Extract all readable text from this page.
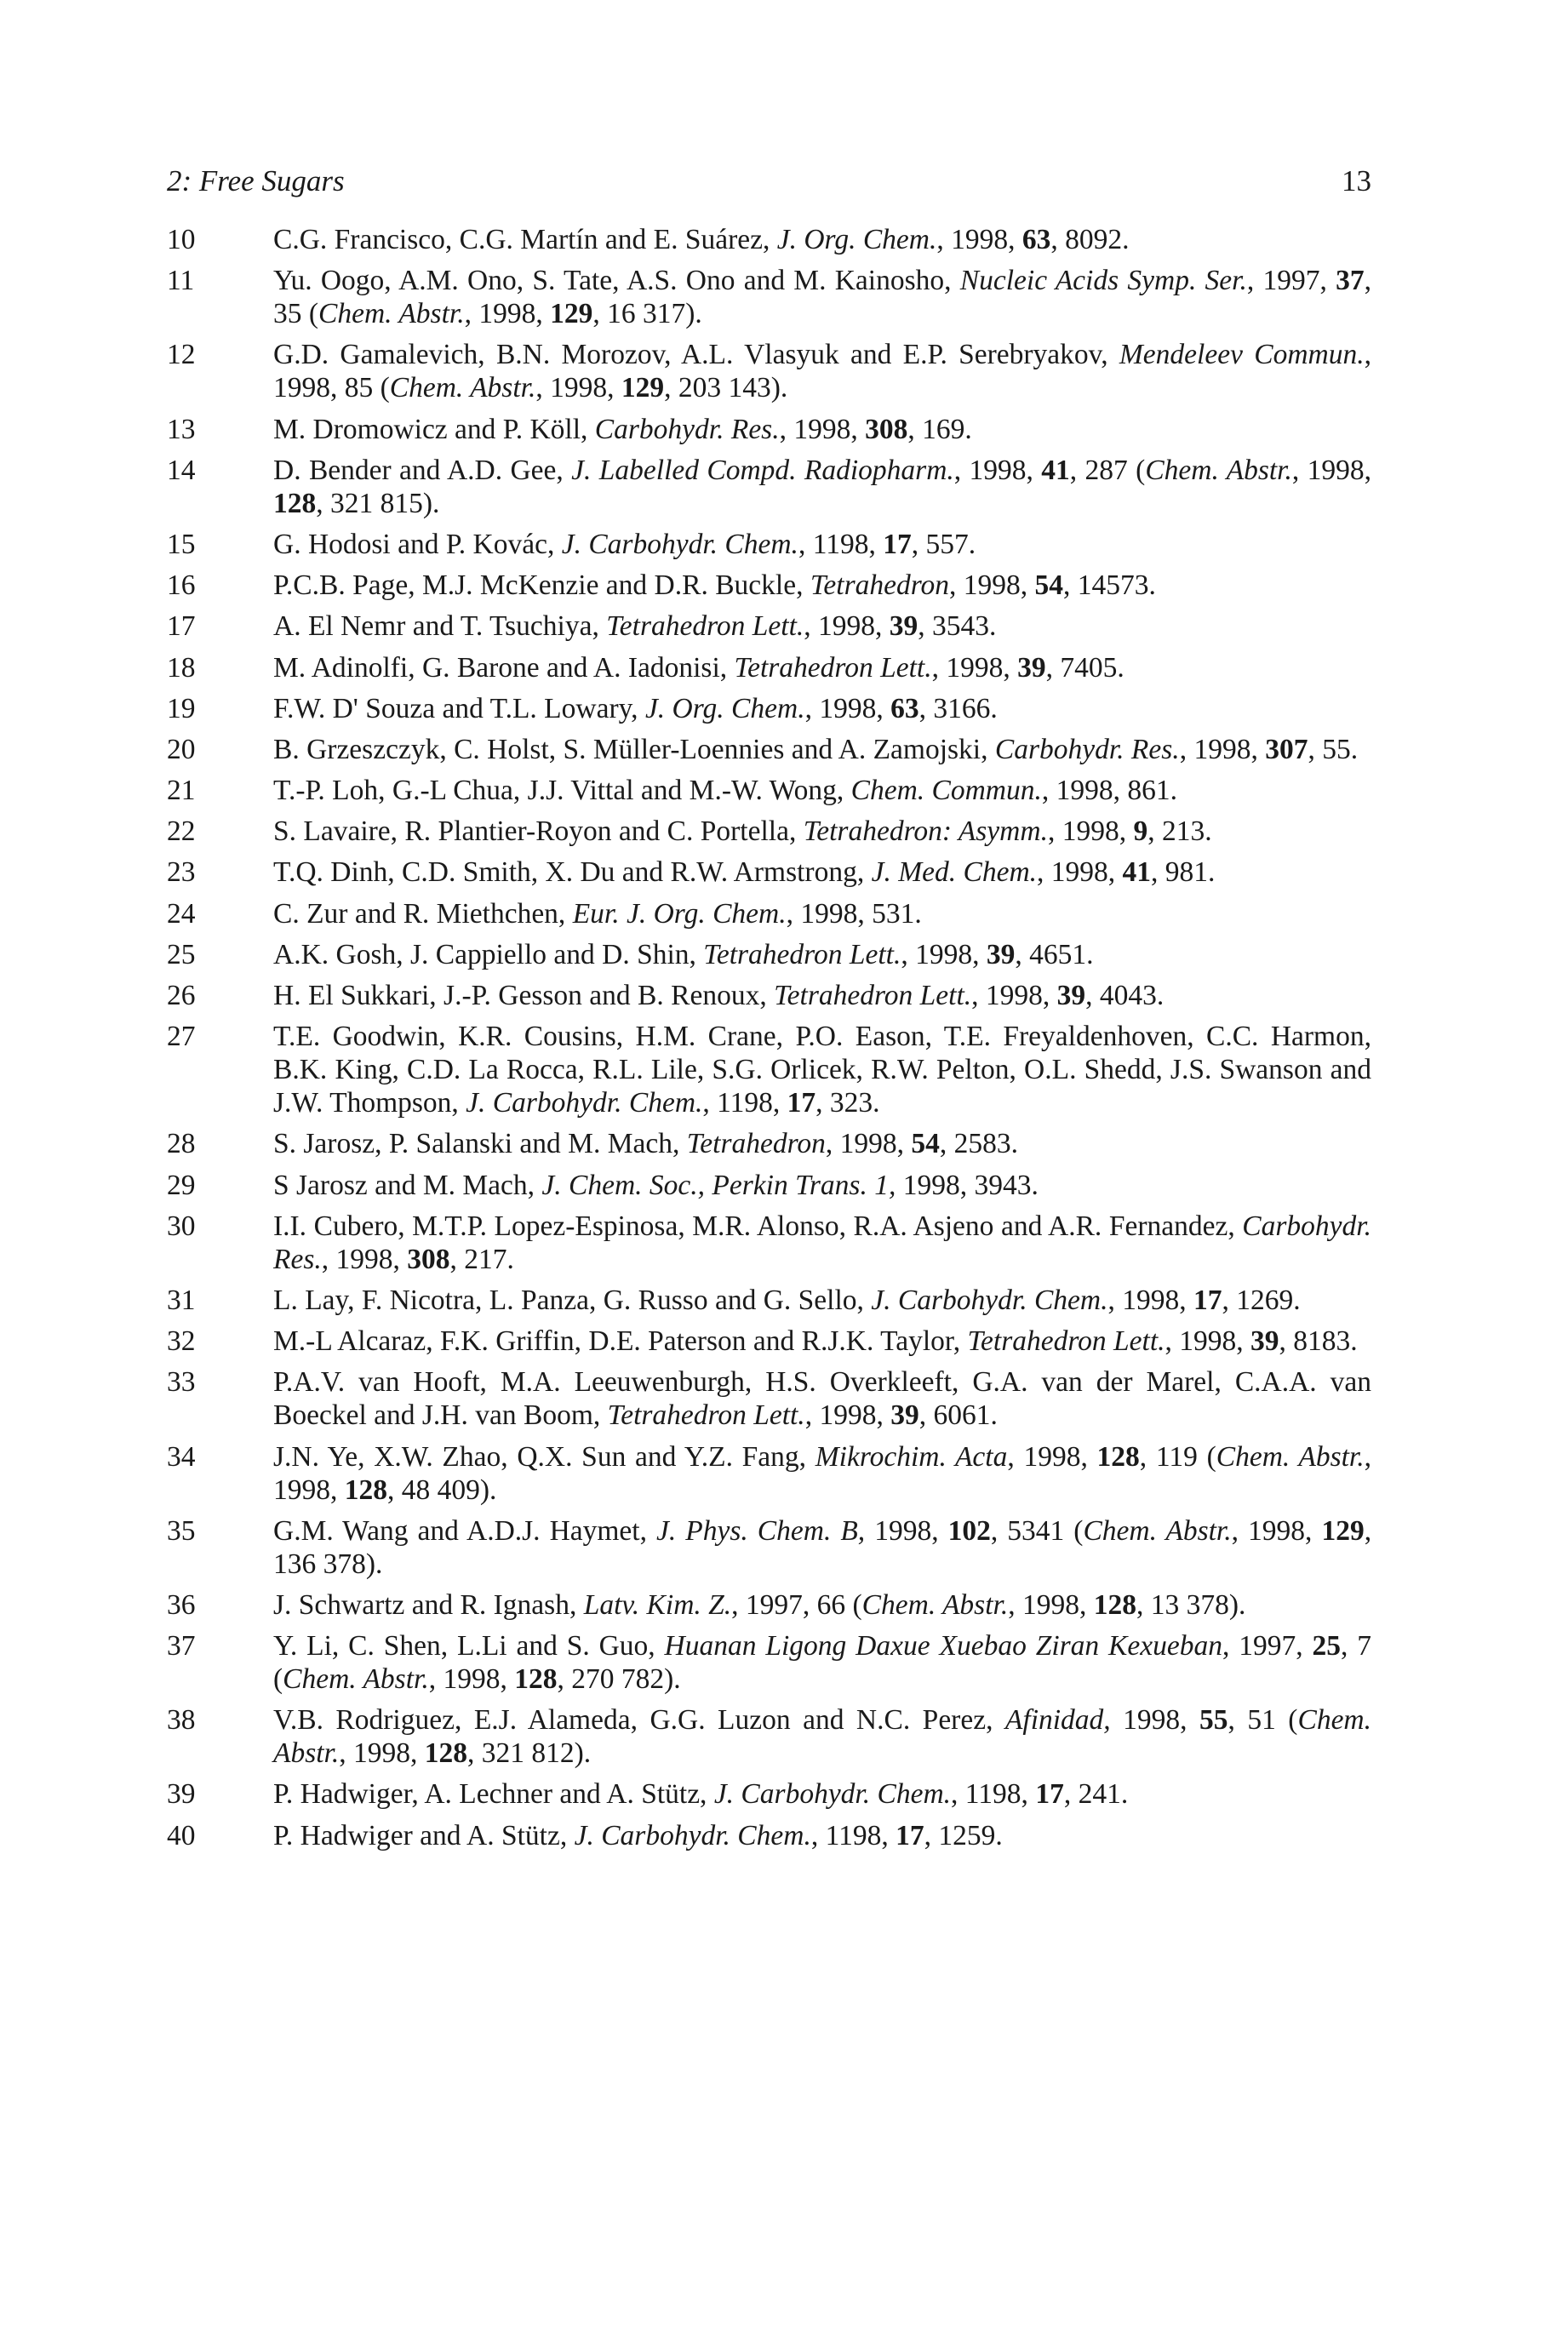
2: Free Sugars	13
10	C.G. Francisco, C.G. Martín and E. Suárez, J. Org. Chem., 1998, 63, 8092.
11	Yu. Oogo, A.M. Ono, S. Tate, A.S. Ono and M. Kainosho, Nucleic Acids Symp. Ser., 1997, 37, 35 (Chem. Abstr., 1998, 129, 16 317).
12	G.D. Gamalevich, B.N. Morozov, A.L. Vlasyuk and E.P. Serebryakov, Mendeleev Commun., 1998, 85 (Chem. Abstr., 1998, 129, 203 143).
13	M. Dromowicz and P. Köll, Carbohydr. Res., 1998, 308, 169.
14	D. Bender and A.D. Gee, J. Labelled Compd. Radiopharm., 1998, 41, 287 (Chem. Abstr., 1998, 128, 321 815).
15	G. Hodosi and P. Kovác, J. Carbohydr. Chem., 1198, 17, 557.
16	P.C.B. Page, M.J. McKenzie and D.R. Buckle, Tetrahedron, 1998, 54, 14573.
17	A. El Nemr and T. Tsuchiya, Tetrahedron Lett., 1998, 39, 3543.
18	M. Adinolfi, G. Barone and A. Iadonisi, Tetrahedron Lett., 1998, 39, 7405.
19	F.W. D' Souza and T.L. Lowary, J. Org. Chem., 1998, 63, 3166.
20	B. Grzeszczyk, C. Holst, S. Müller-Loennies and A. Zamojski, Carbohydr. Res., 1998, 307, 55.
21	T.-P. Loh, G.-L Chua, J.J. Vittal and M.-W. Wong, Chem. Commun., 1998, 861.
22	S. Lavaire, R. Plantier-Royon and C. Portella, Tetrahedron: Asymm., 1998, 9, 213.
23	T.Q. Dinh, C.D. Smith, X. Du and R.W. Armstrong, J. Med. Chem., 1998, 41, 981.
24	C. Zur and R. Miethchen, Eur. J. Org. Chem., 1998, 531.
25	A.K. Gosh, J. Cappiello and D. Shin, Tetrahedron Lett., 1998, 39, 4651.
26	H. El Sukkari, J.-P. Gesson and B. Renoux, Tetrahedron Lett., 1998, 39, 4043.
27	T.E. Goodwin, K.R. Cousins, H.M. Crane, P.O. Eason, T.E. Freyaldenhoven, C.C. Harmon, B.K. King, C.D. La Rocca, R.L. Lile, S.G. Orlicek, R.W. Pelton, O.L. Shedd, J.S. Swanson and J.W. Thompson, J. Carbohydr. Chem., 1198, 17, 323.
28	S. Jarosz, P. Salanski and M. Mach, Tetrahedron, 1998, 54, 2583.
29	S Jarosz and M. Mach, J. Chem. Soc., Perkin Trans. 1, 1998, 3943.
30	I.I. Cubero, M.T.P. Lopez-Espinosa, M.R. Alonso, R.A. Asjeno and A.R. Fernandez, Carbohydr. Res., 1998, 308, 217.
31	L. Lay, F. Nicotra, L. Panza, G. Russo and G. Sello, J. Carbohydr. Chem., 1998, 17, 1269.
32	M.-L Alcaraz, F.K. Griffin, D.E. Paterson and R.J.K. Taylor, Tetrahedron Lett., 1998, 39, 8183.
33	P.A.V. van Hooft, M.A. Leeuwenburgh, H.S. Overkleeft, G.A. van der Marel, C.A.A. van Boeckel and J.H. van Boom, Tetrahedron Lett., 1998, 39, 6061.
34	J.N. Ye, X.W. Zhao, Q.X. Sun and Y.Z. Fang, Mikrochim. Acta, 1998, 128, 119 (Chem. Abstr., 1998, 128, 48 409).
35	G.M. Wang and A.D.J. Haymet, J. Phys. Chem. B, 1998, 102, 5341 (Chem. Abstr., 1998, 129, 136 378).
36	J. Schwartz and R. Ignash, Latv. Kim. Z., 1997, 66 (Chem. Abstr., 1998, 128, 13 378).
37	Y. Li, C. Shen, L.Li and S. Guo, Huanan Ligong Daxue Xuebao Ziran Kexueban, 1997, 25, 7 (Chem. Abstr., 1998, 128, 270 782).
38	V.B. Rodriguez, E.J. Alameda, G.G. Luzon and N.C. Perez, Afinidad, 1998, 55, 51 (Chem. Abstr., 1998, 128, 321 812).
39	P. Hadwiger, A. Lechner and A. Stütz, J. Carbohydr. Chem., 1198, 17, 241.
40	P. Hadwiger and A. Stütz, J. Carbohydr. Chem., 1198, 17, 1259.
